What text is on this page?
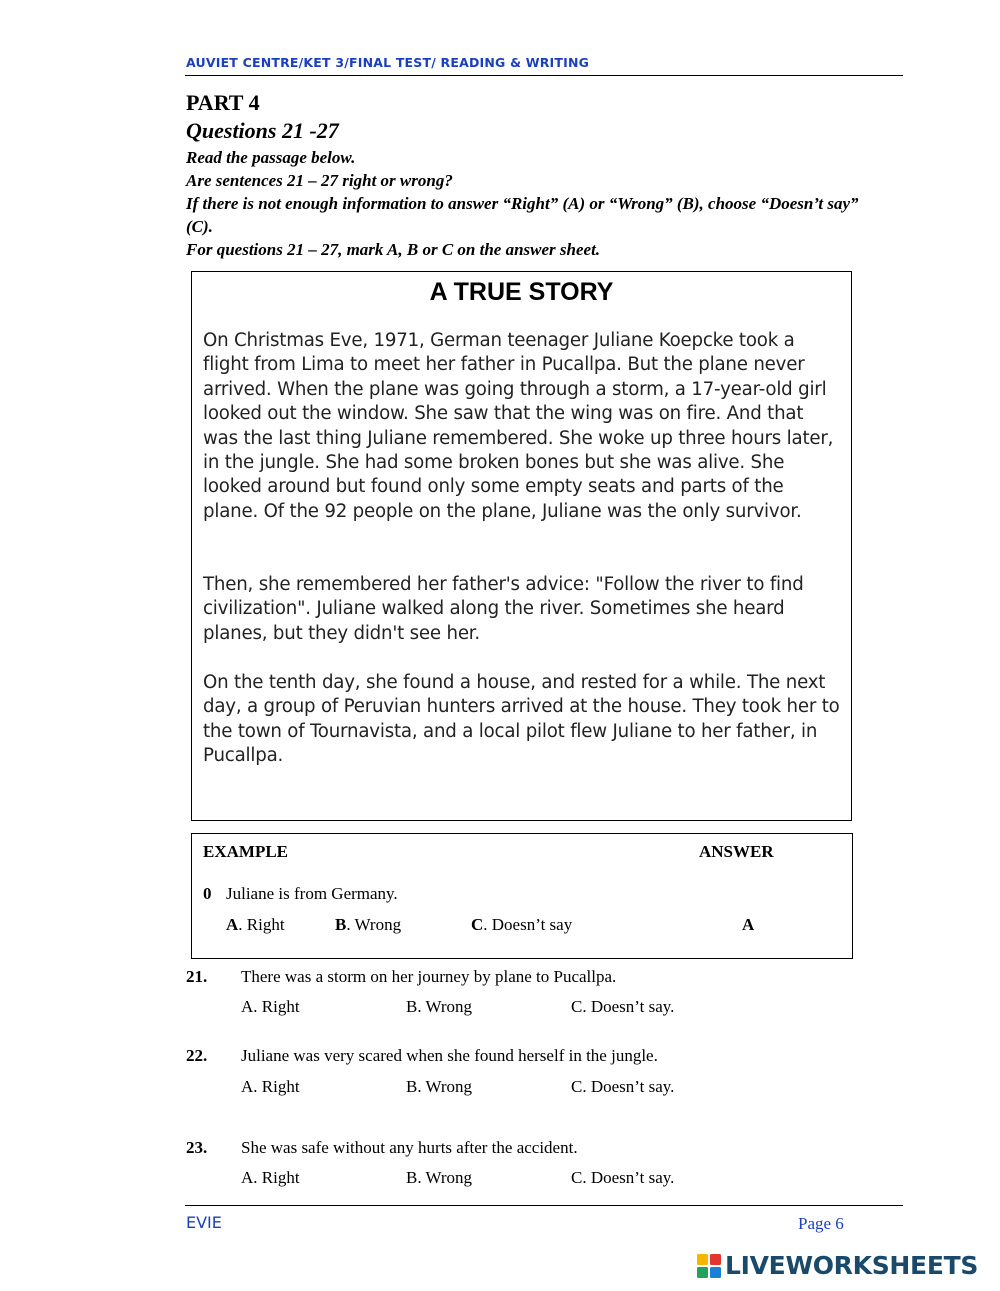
AUVIET CENTRE/KET 3/FINAL TEST/ READING & WRITING
PART 4
Questions 21 -27
Read the passage below.
Are sentences 21 – 27 right or wrong?
If there is not enough information to answer “Right” (A) or “Wrong” (B), choose “Doesn’t say” (C).
For questions 21 – 27, mark A, B or C on the answer sheet.
A TRUE STORY

On Christmas Eve, 1971, German teenager Juliane Koepcke took a flight from Lima to meet her father in Pucallpa. But the plane never arrived. When the plane was going through a storm, a 17-year-old girl looked out the window. She saw that the wing was on fire. And that was the last thing Juliane remembered. She woke up three hours later, in the jungle. She had some broken bones but she was alive. She looked around but found only some empty seats and parts of the plane. Of the 92 people on the plane, Juliane was the only survivor.

Then, she remembered her father's advice: "Follow the river to find civilization". Juliane walked along the river. Sometimes she heard planes, but they didn't see her.

On the tenth day, she found a house, and rested for a while. The next day, a group of Peruvian hunters arrived at the house. They took her to the town of Tournavista, and a local pilot flew Juliane to her father, in Pucallpa.

EXAMPLE	ANSWER
0 Juliane is from Germany.
A. Right	B. Wrong	C. Doesn’t say	A
21. There was a storm on her journey by plane to Pucallpa.
A. Right	B. Wrong	C. Doesn’t say.
22. Juliane was very scared when she found herself in the jungle.
A. Right	B. Wrong	C. Doesn’t say.
23. She was safe without any hurts after the accident.
A. Right	B. Wrong	C. Doesn’t say.
EVIE	Page 6
LIVEWORKSHEETS
